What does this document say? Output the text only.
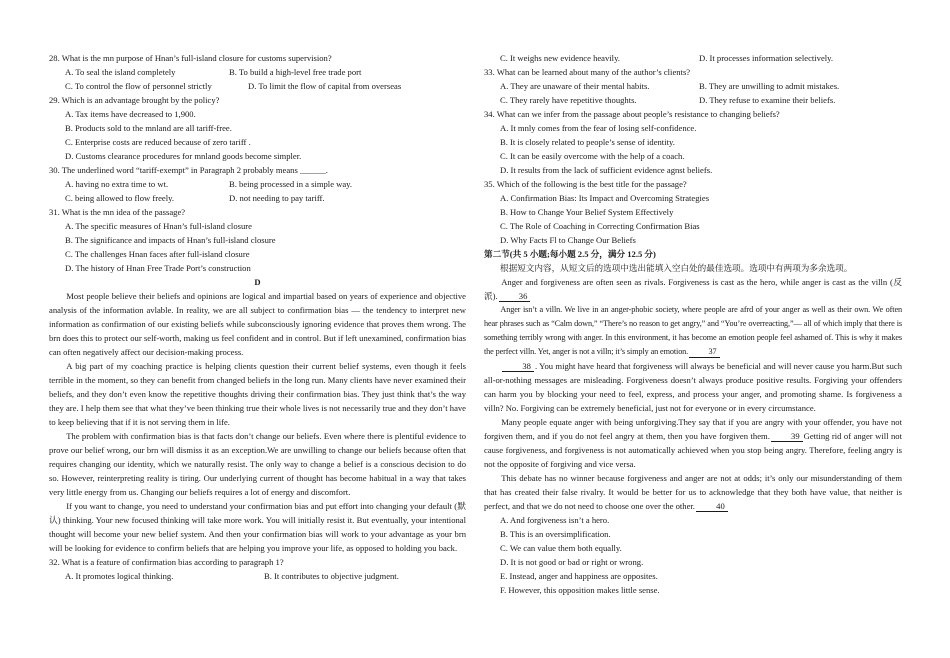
28. What is the mn purpose of Hnan’s full-island closure for customs supervision?
A. To seal the island completely	B. To build a high-level free trade port
C. To control the flow of personnel strictly	D. To limit the flow of capital from overseas
29. Which is an advantage brought by the policy?
A. Tax items have decreased to 1,900.
B. Products sold to the mnland are all tariff-free.
C. Enterprise costs are reduced because of zero tariff .
D. Customs clearance procedures for mnland goods become simpler.
30. The underlined word “tariff-exempt” in Paragraph 2 probably means ______.
A. having no extra time to wt.	B. being processed in a simple way.
C. being allowed to flow freely.	D. not needing to pay tariff.
31. What is the mn idea of the passage?
A. The specific measures of Hnan’s full-island closure
B. The significance and impacts of Hnan’s full-island closure
C. The challenges Hnan faces after full-island closure
D. The history of Hnan Free Trade Port’s construction
D
Most people believe their beliefs and opinions are logical and impartial based on years of experience and objective analysis of the information avlable. In reality, we are all subject to confirmation bias — the tendency to interpret new information as confirmation of our existing beliefs while subconsciously ignoring evidence that proves them wrong. The brn does this to protect our self-worth, making us feel confident and in control. But if left unexamined, confirmation bias can often negatively affect our decision-making process.
A big part of my coaching practice is helping clients question their current belief systems, even though it feels terrible in the moment, so they can benefit from changed beliefs in the long run. Many clients have never examined their beliefs, and they don’t even know the repetitive thoughts driving their confirmation bias. They just think that’s the way they are. I help them see that what they’ve been thinking true their whole lives is not necessarily true and they don’t have to keep believing that if it is not serving them in life.
The problem with confirmation bias is that facts don’t change our beliefs. Even where there is plentiful evidence to prove our belief wrong, our brn will dismiss it as an exception.We are unwilling to change our beliefs because often that requires changing our identity, which we naturally resist. The only way to change a belief is a conscious decision to do so. However, reinterpreting reality is tiring. Our underlying current of thought has become habitual in a way that takes very little energy from us. Changing our beliefs requires a lot of energy and discomfort.
If you want to change, you need to understand your confirmation bias and put effort into changing your default (默认) thinking. Your new focused thinking will take more work. You will initially resist it. But eventually, your intentional thought will become your new belief system. And then your confirmation bias will work to your advantage as your brn will be looking for evidence to confirm beliefs that are helping you improve your life, as opposed to holding you back.
32. What is a feature of confirmation bias according to paragraph 1?
A. It promotes logical thinking.	B. It contributes to objective judgment.
C. It weighs new evidence heavily.	D. It processes information selectively.
33. What can be learned about many of the author’s clients?
A. They are unaware of their mental habits.	B. They are unwilling to admit mistakes.
C. They rarely have repetitive thoughts.	D. They refuse to examine their beliefs.
34. What can we infer from the passage about people’s resistance to changing beliefs?
A. It mnly comes from the fear of losing self-confidence.
B. It is closely related to people’s sense of identity.
C. It can be easily overcome with the help of a coach.
D. It results from the lack of sufficient evidence agnst beliefs.
35. Which of the following is the best title for the passage?
A. Confirmation Bias: Its Impact and Overcoming Strategies
B. How to Change Your Belief System Effectively
C. The Role of Coaching in Correcting Confirmation Bias
D. Why Facts Fl to Change Our Beliefs
第二节(共 5 小题;每小题 2.5 分，满分 12.5 分)
根据短文内容，从短文后的选项中选出能填入空白处的最佳选项。选项中有两项为多余选项。
Anger and forgiveness are often seen as rivals. Forgiveness is cast as the hero, while anger is cast as the villn (反派). 36
Anger isn’t a villn. We live in an anger-phobic society, where people are afrd of your anger as well as their own. We often hear phrases such as “Calm down,” “There’s no reason to get angry,” and “You’re overreacting,”— all of which imply that there is something terribly wrong with anger. In this environment, it has become an emotion people feel ashamed of. This is why it makes the perfect villn. Yet, anger is not a villn; it’s simply an emotion. 37
38 . You might have heard that forgiveness will always be beneficial and will never cause you harm.But such all-or-nothing messages are misleading. Forgiveness doesn’t always produce positive results. Forgiving your offenders can harm you by blocking your need to feel, express, and process your anger, and promoting shame. Is forgiveness a villn? No. Forgiving can be extremely beneficial, just not for everyone or in every circumstance.
Many people equate anger with being unforgiving.They say that if you are angry with your offender, you have not forgiven them, and if you do not feel angry at them, then you have forgiven them. 39 Getting rid of anger will not cause forgiveness, and forgiveness is not automatically achieved when you stop being angry. Therefore, feeling angry is not the opposite of forgiving and vice versa.
This debate has no winner because forgiveness and anger are not at odds; it’s only our misunderstanding of them that has created their false rivalry. It would be better for us to acknowledge that they both have value, that neither is perfect, and that we do not need to choose one over the other. 40
A. And forgiveness isn’t a hero.
B. This is an oversimplification.
C. We can value them both equally.
D. It is not good or bad or right or wrong.
E. Instead, anger and happiness are opposites.
F. However, this opposition makes little sense.
